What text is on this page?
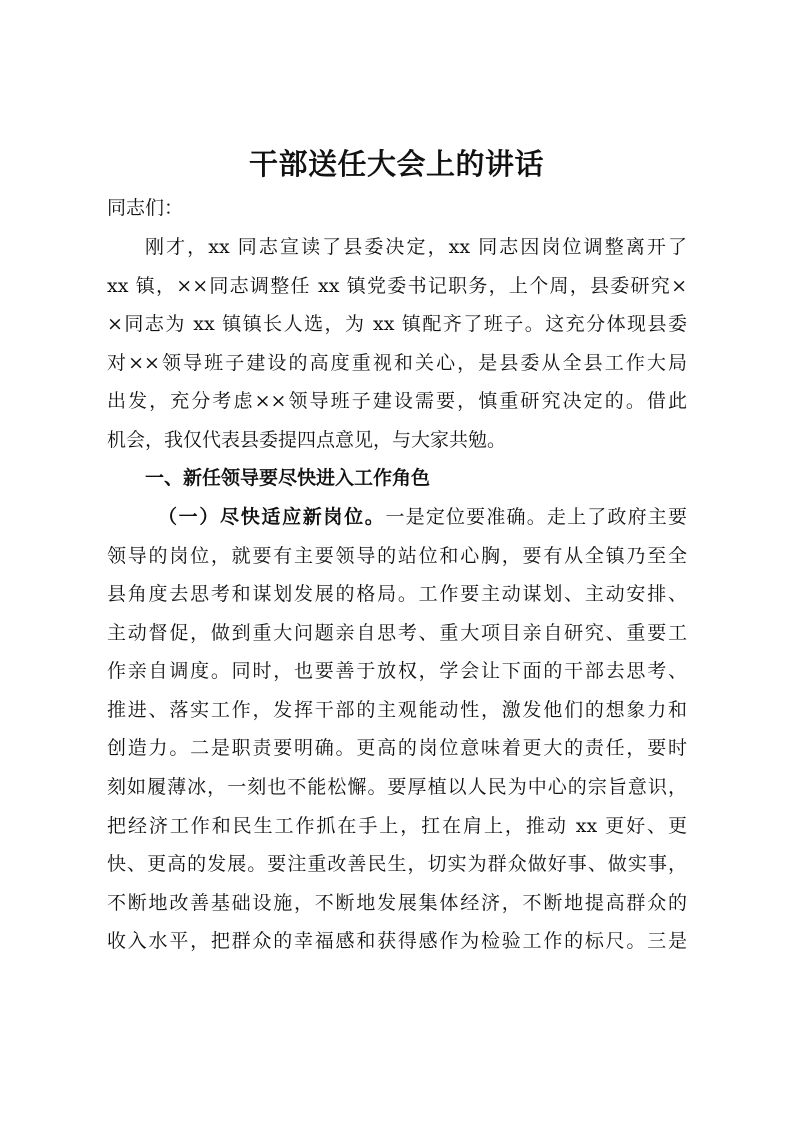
干部送任大会上的讲话
同志们：
刚才，xx 同志宣读了县委决定，xx 同志因岗位调整离开了
xx 镇，××同志调整任 xx 镇党委书记职务，上个周，县委研究×
×同志为 xx 镇镇长人选，为 xx 镇配齐了班子。这充分体现县委
对××领导班子建设的高度重视和关心，是县委从全县工作大局
出发，充分考虑××领导班子建设需要，慎重研究决定的。借此
机会，我仅代表县委提四点意见，与大家共勉。
一、新任领导要尽快进入工作角色
（一）尽快适应新岗位。一是定位要准确。走上了政府主要
领导的岗位，就要有主要领导的站位和心胸，要有从全镇乃至全
县角度去思考和谋划发展的格局。工作要主动谋划、主动安排、
主动督促，做到重大问题亲自思考、重大项目亲自研究、重要工
作亲自调度。同时，也要善于放权，学会让下面的干部去思考、
推进、落实工作，发挥干部的主观能动性，激发他们的想象力和
创造力。二是职责要明确。更高的岗位意味着更大的责任，要时
刻如履薄冰，一刻也不能松懈。要厚植以人民为中心的宗旨意识，
把经济工作和民生工作抓在手上，扛在肩上，推动 xx 更好、更
快、更高的发展。要注重改善民生，切实为群众做好事、做实事，
不断地改善基础设施，不断地发展集体经济，不断地提高群众的
收入水平，把群众的幸福感和获得感作为检验工作的标尺。三是
